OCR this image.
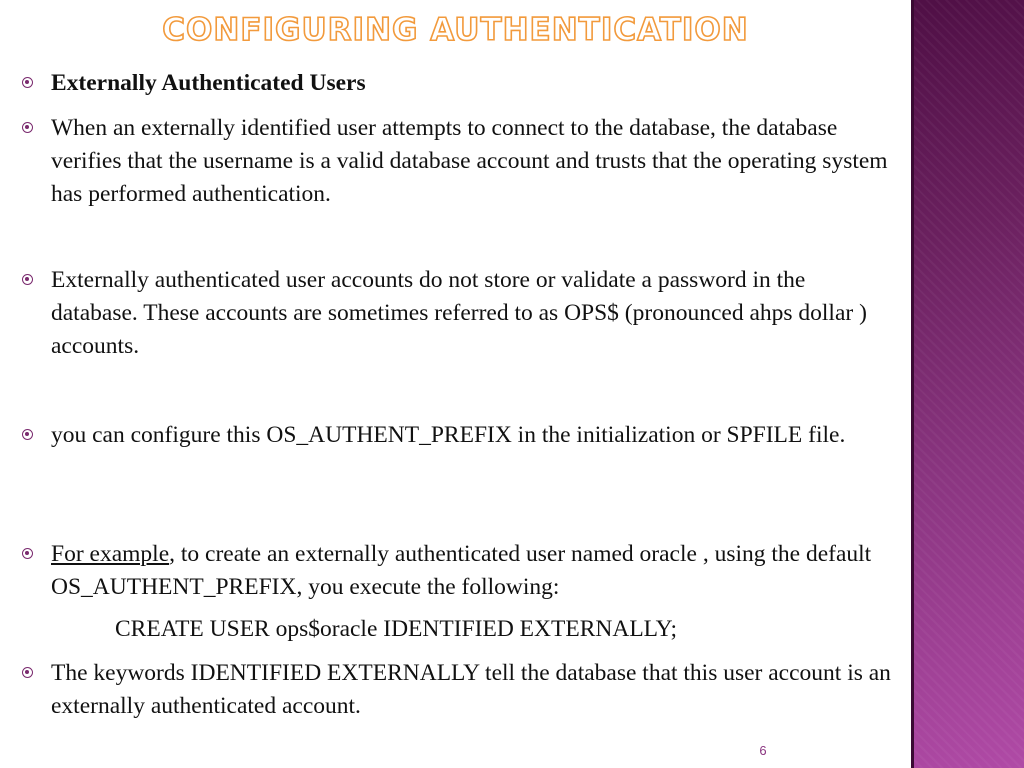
CONFIGURING AUTHENTICATION
Externally Authenticated Users
When an externally identified user attempts to connect to the database, the database verifies that the username is a valid database account and trusts that the operating system has performed authentication.
Externally authenticated user accounts do not store or validate a password in the database. These accounts are sometimes referred to as OPS$ (pronounced ahps dollar ) accounts.
you can configure this OS_AUTHENT_PREFIX in the initialization or SPFILE file.
For example, to create an externally authenticated user named oracle , using the default OS_AUTHENT_PREFIX, you execute the following:
CREATE USER ops$oracle IDENTIFIED EXTERNALLY;
The keywords IDENTIFIED EXTERNALLY tell the database that this user account is an externally authenticated account.
6
